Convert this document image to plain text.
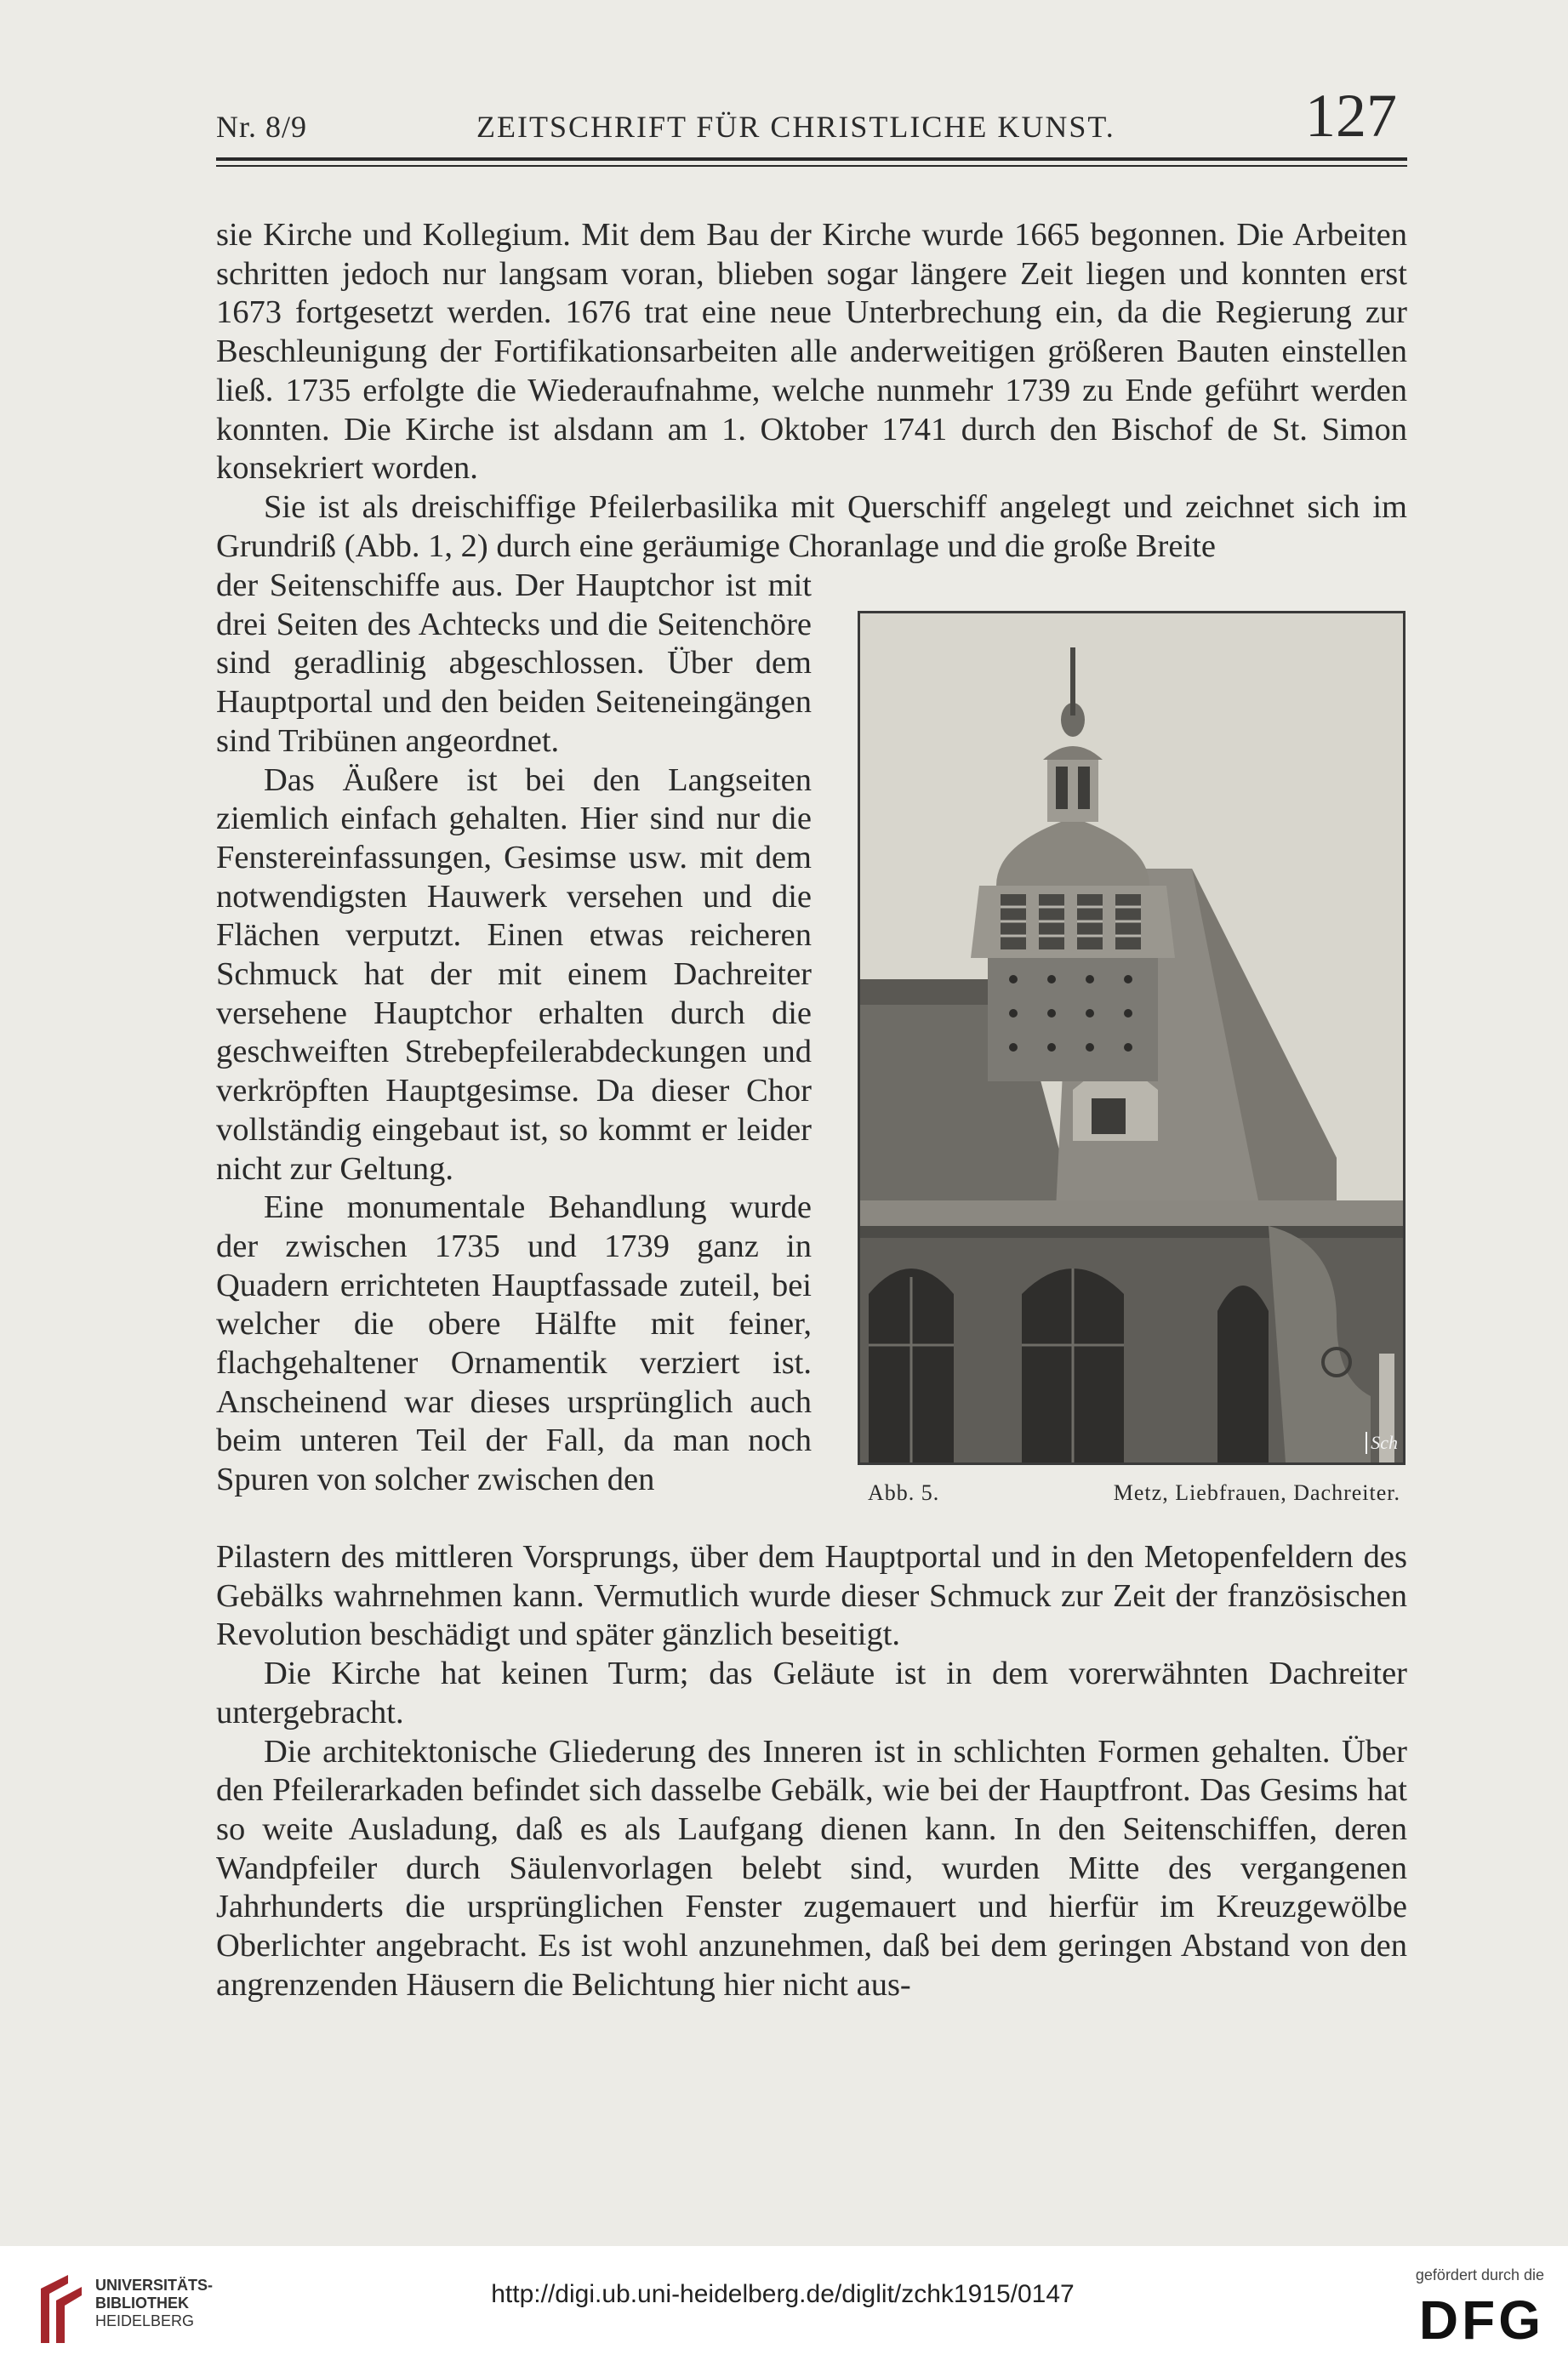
Nr. 8/9	ZEITSCHRIFT FÜR CHRISTLICHE KUNST.	127

sie Kirche und Kollegium. Mit dem Bau der Kirche wurde 1665 begonnen. Die Arbeiten schritten jedoch nur langsam voran, blieben sogar längere Zeit liegen und konnten erst 1673 fortgesetzt werden. 1676 trat eine neue Unterbrechung ein, da die Regierung zur Beschleunigung der Fortifikationsarbeiten alle anderweitigen größeren Bauten einstellen ließ. 1735 erfolgte die Wiederaufnahme, welche nunmehr 1739 zu Ende geführt werden konnten. Die Kirche ist alsdann am 1. Oktober 1741 durch den Bischof de St. Simon konsekriert worden.

Sie ist als dreischiffige Pfeilerbasilika mit Querschiff angelegt und zeichnet sich im Grundriß (Abb. 1, 2) durch eine geräumige Choranlage und die große Breite

der Seitenschiffe aus. Der Hauptchor ist mit drei Seiten des Achtecks und die Seitenchöre sind geradlinig abgeschlossen. Über dem Hauptportal und den beiden Seiteneingängen sind Tribünen angeordnet.

Das Äußere ist bei den Langseiten ziemlich einfach gehalten. Hier sind nur die Fenstereinfassungen, Gesimse usw. mit dem notwendigsten Hauwerk versehen und die Flächen verputzt. Einen etwas reicheren Schmuck hat der mit einem Dachreiter versehene Hauptchor erhalten durch die geschweiften Strebepfeilerabdeckungen und verkröpften Hauptgesimse. Da dieser Chor vollständig eingebaut ist, so kommt er leider nicht zur Geltung.

Eine monumentale Behandlung wurde der zwischen 1735 und 1739 ganz in Quadern errichteten Hauptfassade zuteil, bei welcher die obere Hälfte mit feiner, flachgehaltener Ornamentik verziert ist. Anscheinend war dieses ursprünglich auch beim unteren Teil der Fall, da man noch Spuren von solcher zwischen den

Sch
Abb. 5.	Metz, Liebfrauen, Dachreiter.

Pilastern des mittleren Vorsprungs, über dem Hauptportal und in den Metopenfeldern des Gebälks wahrnehmen kann. Vermutlich wurde dieser Schmuck zur Zeit der französischen Revolution beschädigt und später gänzlich beseitigt.

Die Kirche hat keinen Turm; das Geläute ist in dem vorerwähnten Dachreiter untergebracht.

Die architektonische Gliederung des Inneren ist in schlichten Formen gehalten. Über den Pfeilerarkaden befindet sich dasselbe Gebälk, wie bei der Hauptfront. Das Gesims hat so weite Ausladung, daß es als Laufgang dienen kann. In den Seitenschiffen, deren Wandpfeiler durch Säulenvorlagen belebt sind, wurden Mitte des vergangenen Jahrhunderts die ursprünglichen Fenster zugemauert und hierfür im Kreuzgewölbe Oberlichter angebracht. Es ist wohl anzunehmen, daß bei dem geringen Abstand von den angrenzenden Häusern die Belichtung hier nicht aus-

UNIVERSITÄTS-
BIBLIOTHEK
HEIDELBERG
http://digi.ub.uni-heidelberg.de/diglit/zchk1915/0147
gefördert durch die
DFG
